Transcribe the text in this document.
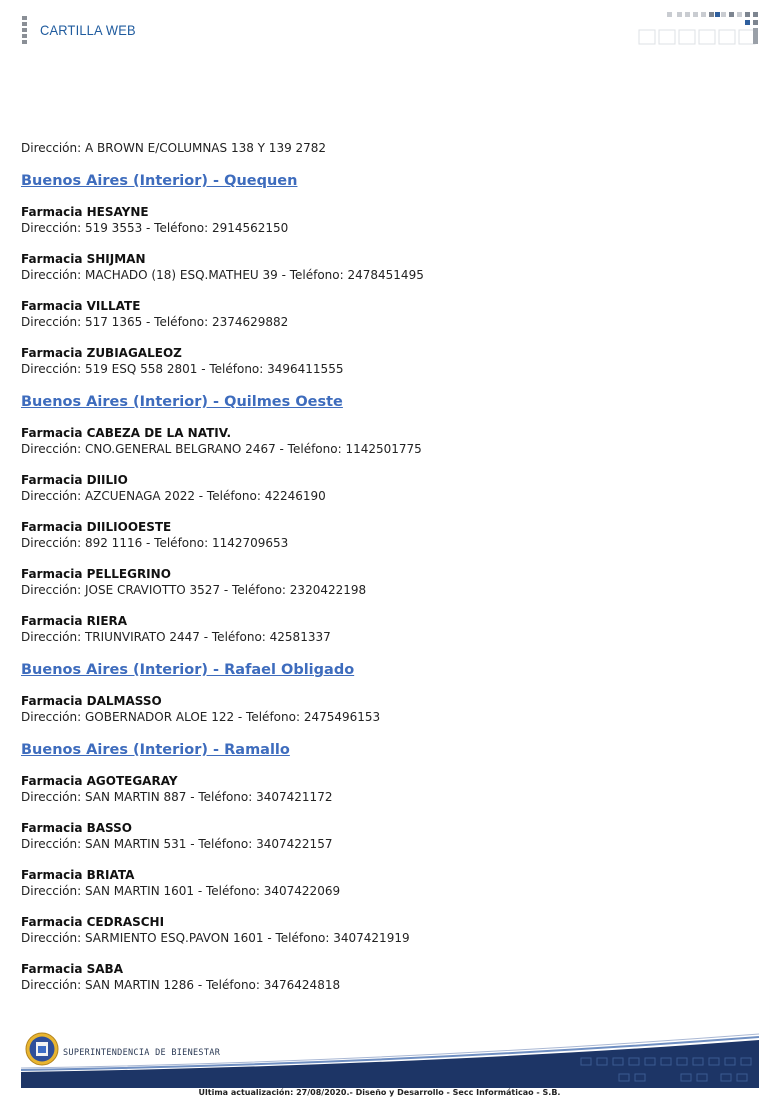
CARTILLA WEB
Dirección: A BROWN E/COLUMNAS 138 Y 139 2782
Buenos Aires (Interior) - Quequen
Farmacia HESAYNE
Dirección: 519 3553 - Teléfono: 2914562150
Farmacia SHIJMAN
Dirección: MACHADO (18) ESQ.MATHEU 39 - Teléfono: 2478451495
Farmacia VILLATE
Dirección: 517 1365 - Teléfono: 2374629882
Farmacia ZUBIAGALEOZ
Dirección: 519 ESQ 558 2801 - Teléfono: 3496411555
Buenos Aires (Interior) - Quilmes Oeste
Farmacia CABEZA DE LA NATIV.
Dirección: CNO.GENERAL BELGRANO 2467 - Teléfono: 1142501775
Farmacia DIILIO
Dirección: AZCUENAGA 2022 - Teléfono: 42246190
Farmacia DIILIOOESTE
Dirección: 892 1116 - Teléfono: 1142709653
Farmacia PELLEGRINO
Dirección: JOSE CRAVIOTTO 3527 - Teléfono: 2320422198
Farmacia RIERA
Dirección: TRIUNVIRATO 2447 - Teléfono: 42581337
Buenos Aires (Interior) - Rafael Obligado
Farmacia DALMASSO
Dirección: GOBERNADOR ALOE 122 - Teléfono: 2475496153
Buenos Aires (Interior) - Ramallo
Farmacia AGOTEGARAY
Dirección: SAN MARTIN 887 - Teléfono: 3407421172
Farmacia BASSO
Dirección: SAN MARTIN 531 - Teléfono: 3407422157
Farmacia BRIATA
Dirección: SAN MARTIN 1601 - Teléfono: 3407422069
Farmacia CEDRASCHI
Dirección: SARMIENTO ESQ.PAVON 1601 - Teléfono: 3407421919
Farmacia SABA
Dirección: SAN MARTIN 1286 - Teléfono: 3476424818
SUPERINTENDENCIA DE BIENESTAR
Ultima actualización: 27/08/2020.- Diseño y Desarrollo - Secc Informáticao - S.B.
